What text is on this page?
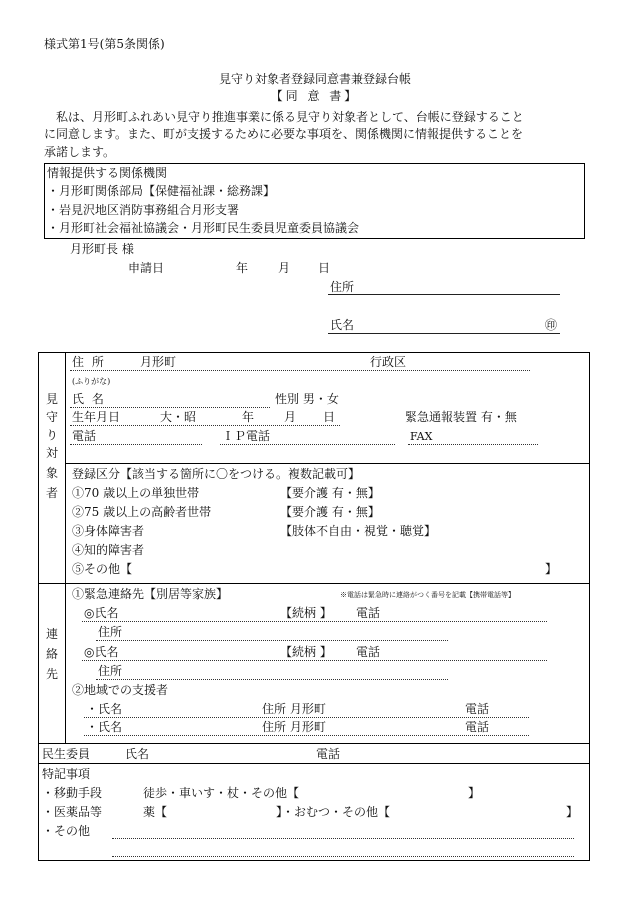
様式第1号(第5条関係)
見守り対象者登録同意書兼登録台帳
【同 意 書】
私は、月形町ふれあい見守り推進事業に係る見守り対象者として、台帳に登録すること
に同意します。また、町が支援するために必要な事項を、関係機関に情報提供することを
承諾します。
情報提供する関係機関
・月形町関係部局【保健福祉課・総務課】
・岩見沢地区消防事務組合月形支署
・月形町社会福祉協議会・月形町民生委員児童委員協議会
月形町長 様
申請日	年 月 日
住所
氏名	㊞
見
守
り
対
象
者
住 所	月形町	行政区
(ふりがな)
氏 名	性別 男・女
生年月日	大・昭	年 月 日	緊急通報装置 有・無
電話	ＩＰ電話	FAX
登録区分【該当する箇所に〇をつける。複数記載可】
①70 歳以上の単独世帯	【要介護 有・無】
②75 歳以上の高齢者世帯	【要介護 有・無】
③身体障害者	【肢体不自由・視覚・聴覚】
④知的障害者
⑤その他【	】
連
絡
先
①緊急連絡先【別居等家族】	※電話は緊急時に連絡がつく番号を記載【携帯電話等】
◎氏名	【続柄 】 電話
住所
◎氏名	【続柄 】 電話
住所
②地域での支援者
・氏名	住所 月形町	電話
・氏名	住所 月形町	電話
民生委員	氏名	電話
特記事項
・移動手段	徒歩・車いす・杖・その他【	】
・医薬品等	薬【	】・おむつ・その他【	】
・その他
